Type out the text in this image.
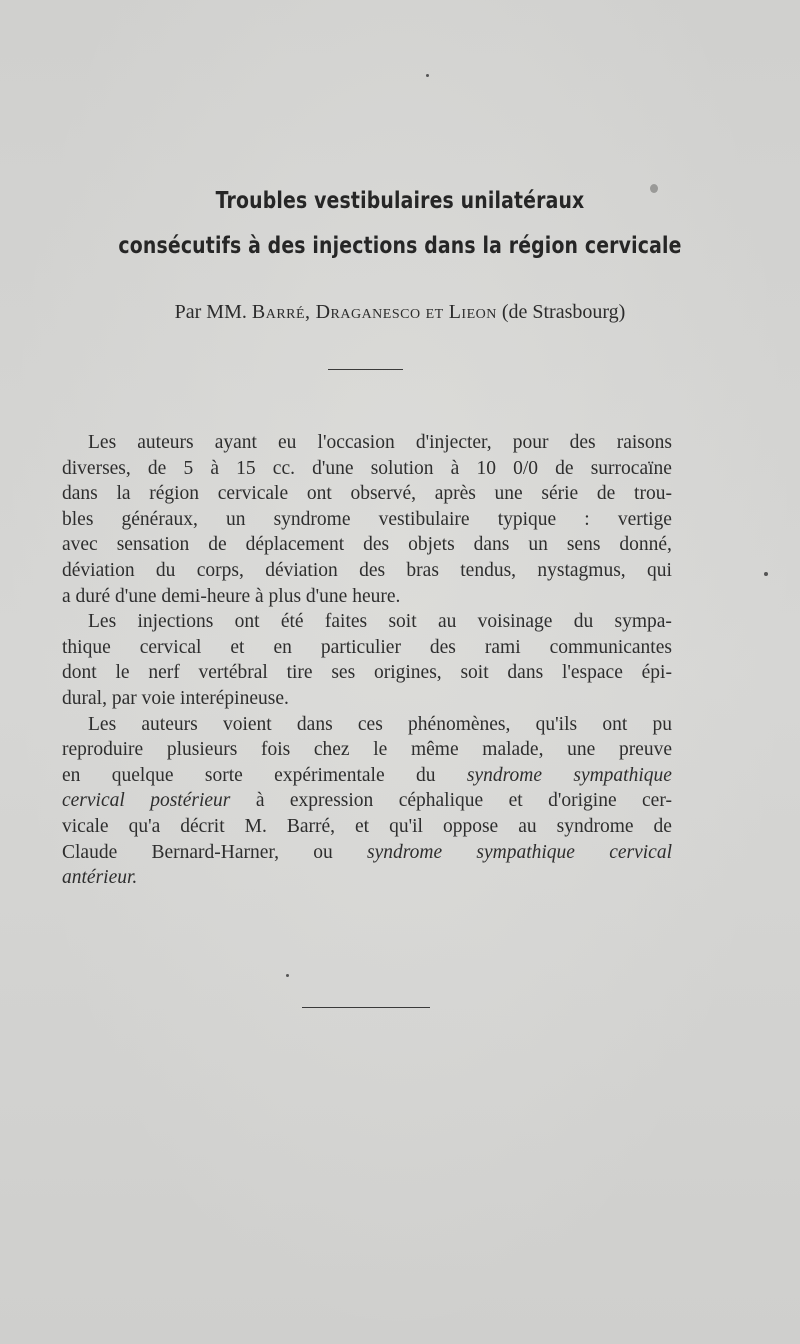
Troubles vestibulaires unilatéraux
consécutifs à des injections dans la région cervicale
Par MM. Barré, Draganesco et Lieon (de Strasbourg)
Les auteurs ayant eu l'occasion d'injecter, pour des raisons
diverses, de 5 à 15 cc. d'une solution à 10 0/0 de surrocaïne
dans la région cervicale ont observé, après une série de trou-
bles généraux, un syndrome vestibulaire typique : vertige
avec sensation de déplacement des objets dans un sens donné,
déviation du corps, déviation des bras tendus, nystagmus, qui
a duré d'une demi-heure à plus d'une heure.
Les injections ont été faites soit au voisinage du sympa-
thique cervical et en particulier des rami communicantes
dont le nerf vertébral tire ses origines, soit dans l'espace épi-
dural, par voie interépineuse.
Les auteurs voient dans ces phénomènes, qu'ils ont pu
reproduire plusieurs fois chez le même malade, une preuve
en quelque sorte expérimentale du syndrome sympathique
cervical postérieur à expression céphalique et d'origine cer-
vicale qu'a décrit M. Barré, et qu'il oppose au syndrome de
Claude Bernard-Harner, ou syndrome sympathique cervical
antérieur.
